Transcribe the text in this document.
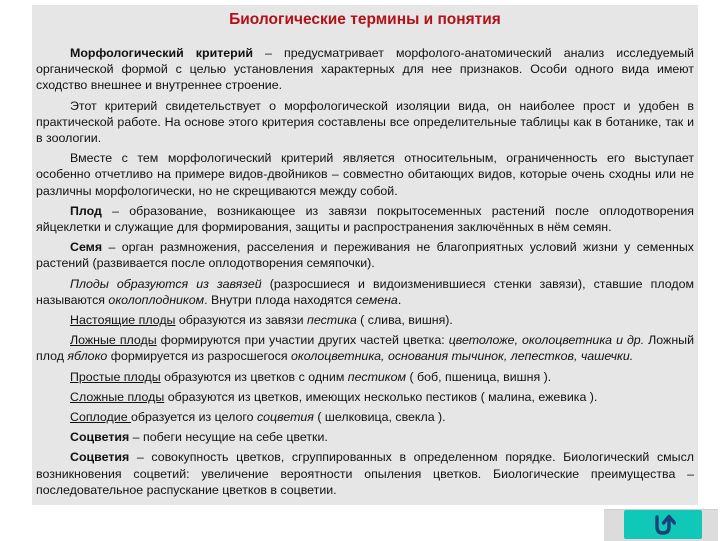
Биологические термины и понятия

Морфологический критерий – предусматривает морфолого-анатомический анализ исследуемый органической формой с целью установления характерных для нее признаков. Особи одного вида имеют сходство внешнее и внутреннее строение.

Этот критерий свидетельствует о морфологической изоляции вида, он наиболее прост и удобен в практической работе. На основе этого критерия составлены все определительные таблицы как в ботанике, так и в зоологии.

Вместе с тем морфологический критерий является относительным, ограниченность его выступает особенно отчетливо на примере видов-двойников – совместно обитающих видов, которые очень сходны или не различны морфологически, но не скрещиваются между собой.

Плод – образование, возникающее из завязи покрытосеменных растений после оплодотворения яйцеклетки и служащие для формирования, защиты и распространения заключённых в нём семян.

Семя – орган размножения, расселения и переживания не благоприятных условий жизни у семенных растений (развивается после оплодотворения семяпочки).

Плоды образуются из завязей (разросшиеся и видоизменившиеся стенки завязи), ставшие плодом называются околоплодником. Внутри плода находятся семена.

Настоящие плоды образуются из завязи пестика ( слива, вишня).

Ложные плоды формируются при участии других частей цветка: цветоложе, околоцветника и др. Ложный плод яблоко формируется из разросшегося околоцветника, основания тычинок, лепестков, чашечки.

Простые плоды образуются из цветков с одним пестиком ( боб, пшеница, вишня ).

Сложные плоды образуются из цветков, имеющих несколько пестиков ( малина, ежевика ).

Соплодие образуется из целого соцветия ( шелковица, свекла ).

Соцветия – побеги несущие на себе цветки.

Соцветия – совокупность цветков, сгруппированных в определенном порядке. Биологический смысл возникновения соцветий: увеличение вероятности опыления цветков. Биологические преимущества – последовательное распускание цветков в соцветии.
